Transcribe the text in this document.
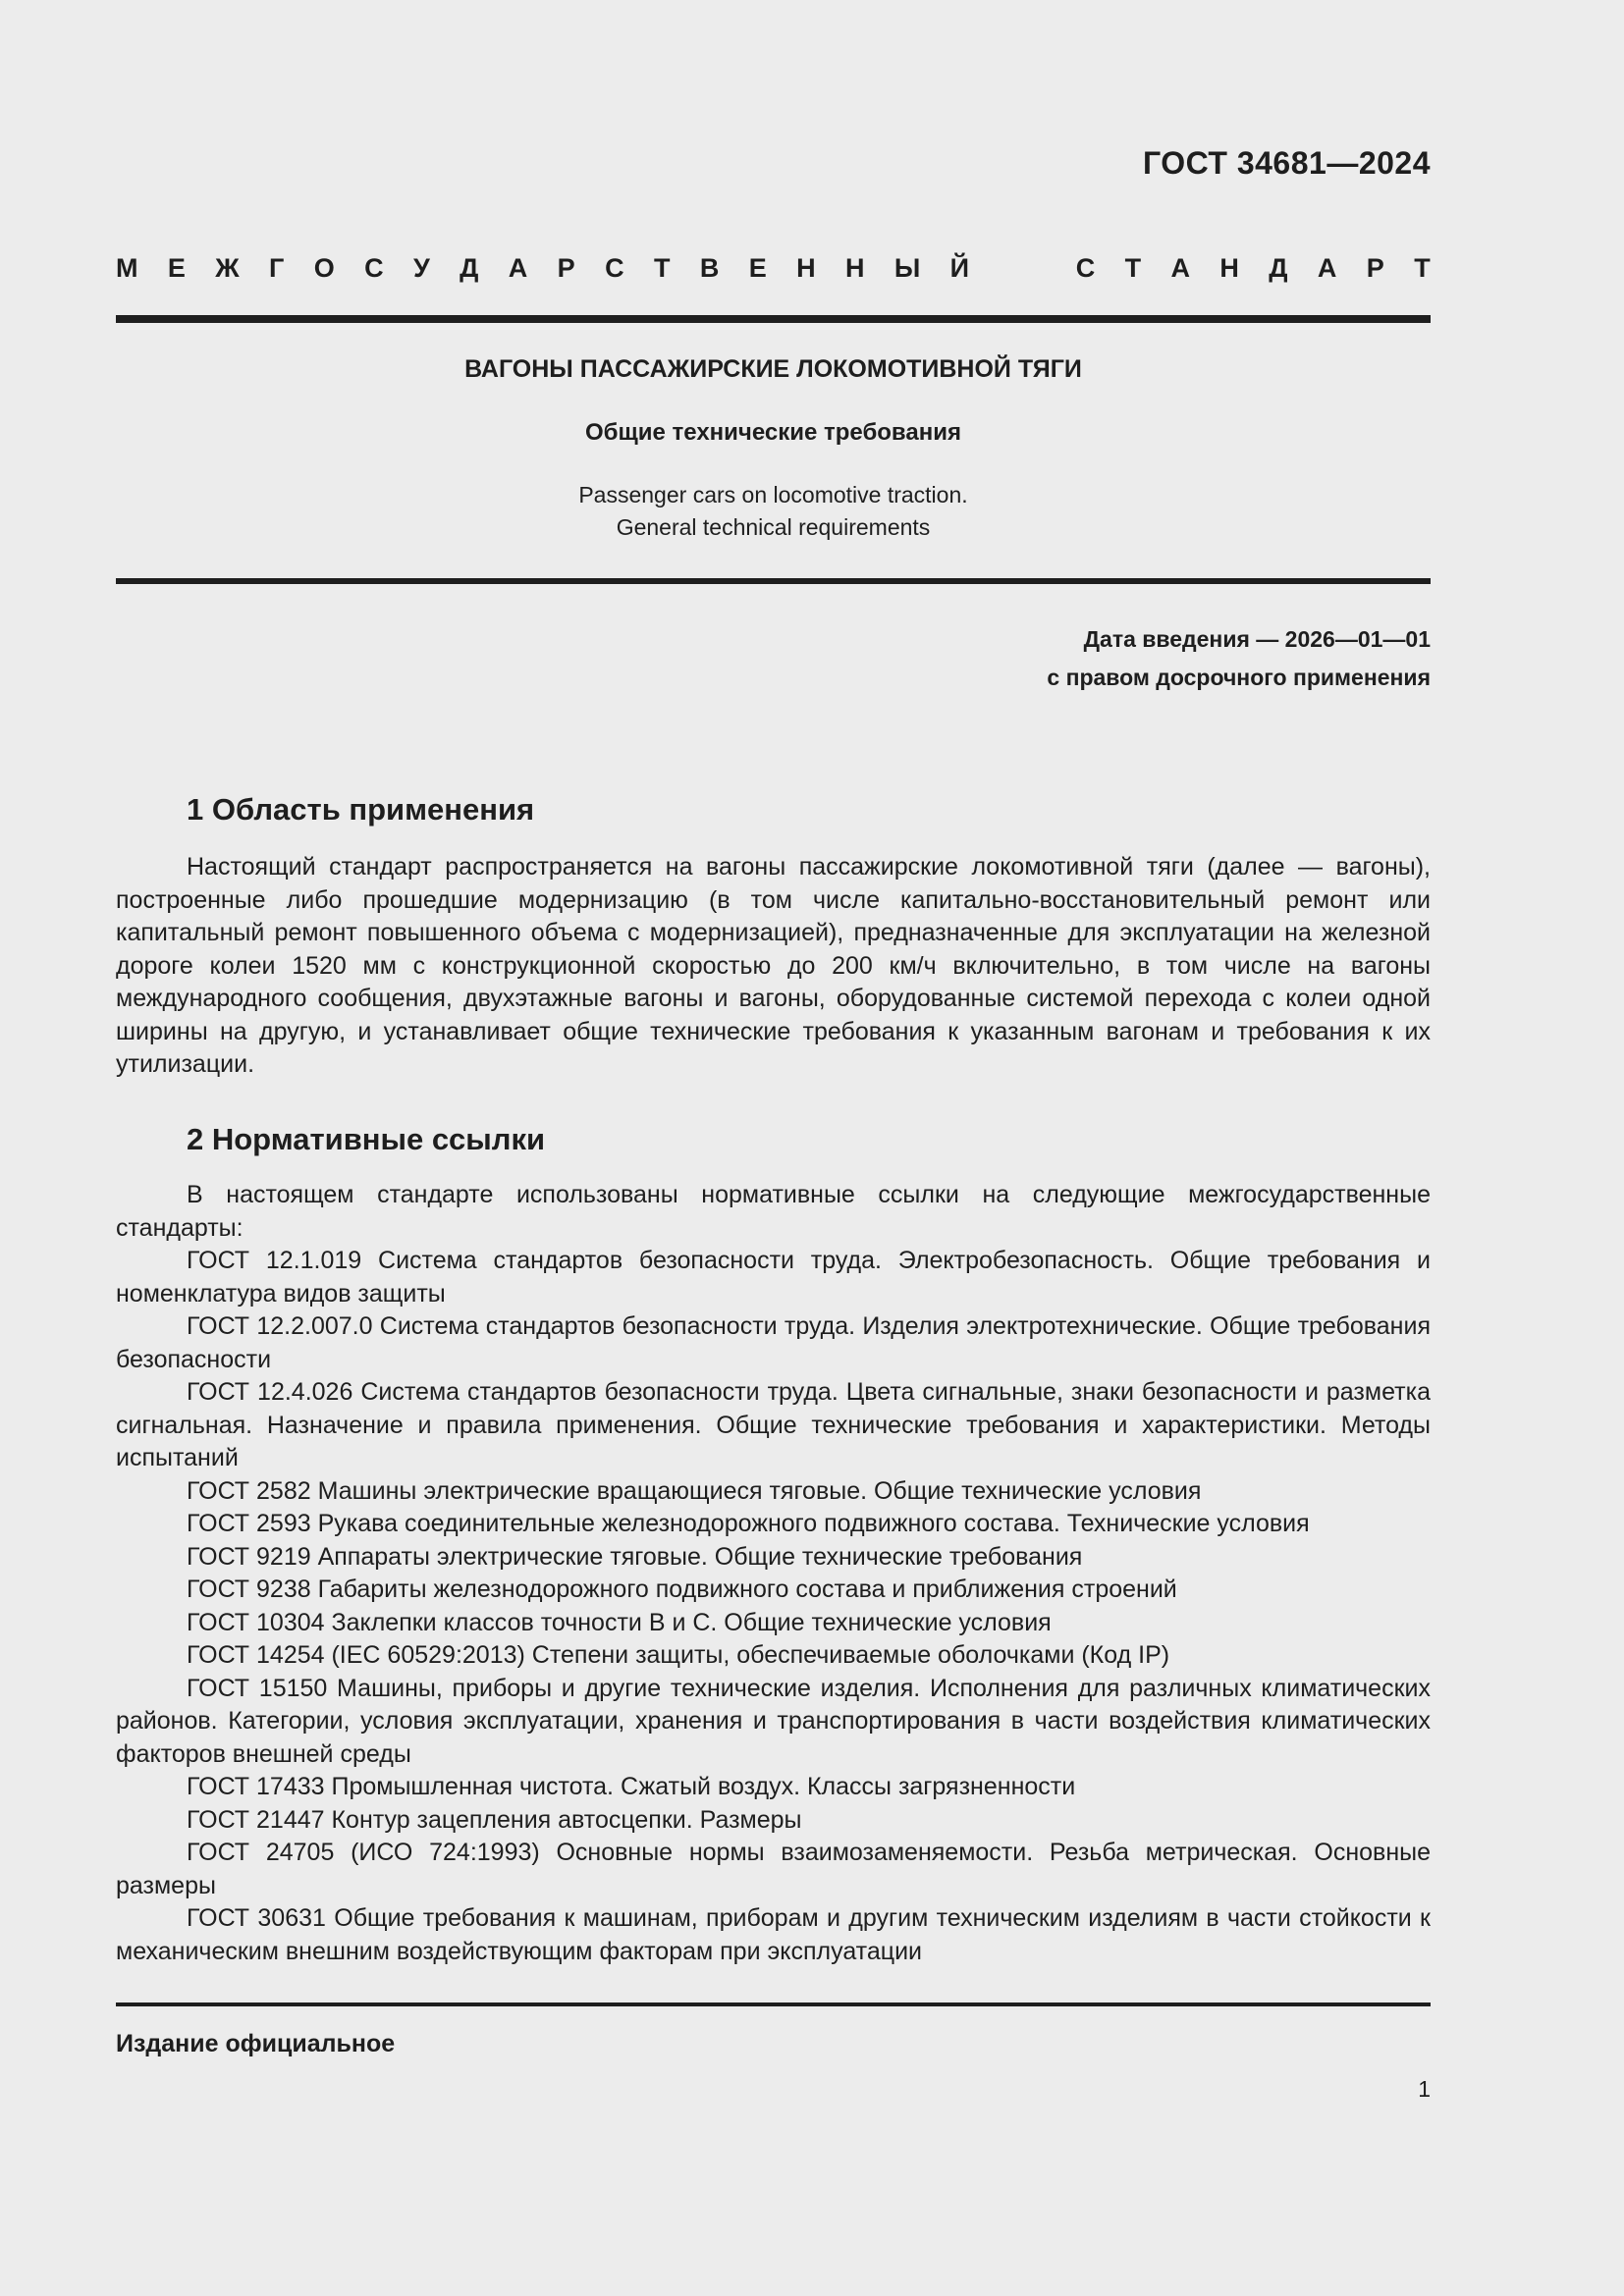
ГОСТ 34681—2024
М Е Ж Г О С У Д А Р С Т В Е Н Н Ы Й	С Т А Н Д А Р Т
ВАГОНЫ ПАССАЖИРСКИЕ ЛОКОМОТИВНОЙ ТЯГИ
Общие технические требования
Passenger cars on locomotive traction.
General technical requirements
Дата введения — 2026—01—01
с правом досрочного применения
1 Область применения

Настоящий стандарт распространяется на вагоны пассажирские локомотивной тяги (далее — вагоны), построенные либо прошедшие модернизацию (в том числе капитально-восстановительный ремонт или капитальный ремонт повышенного объема с модернизацией), предназначенные для эксплуатации на железной дороге колеи 1520 мм с конструкционной скоростью до 200 км/ч включительно, в том числе на вагоны международного сообщения, двухэтажные вагоны и вагоны, оборудованные системой перехода с колеи одной ширины на другую, и устанавливает общие технические требования к указанным вагонам и требования к их утилизации.

2 Нормативные ссылки

В настоящем стандарте использованы нормативные ссылки на следующие межгосударственные стандарты:

ГОСТ 12.1.019 Система стандартов безопасности труда. Электробезопасность. Общие требования и номенклатура видов защиты

ГОСТ 12.2.007.0 Система стандартов безопасности труда. Изделия электротехнические. Общие требования безопасности

ГОСТ 12.4.026 Система стандартов безопасности труда. Цвета сигнальные, знаки безопасности и разметка сигнальная. Назначение и правила применения. Общие технические требования и характеристики. Методы испытаний

ГОСТ 2582 Машины электрические вращающиеся тяговые. Общие технические условия

ГОСТ 2593 Рукава соединительные железнодорожного подвижного состава. Технические условия

ГОСТ 9219 Аппараты электрические тяговые. Общие технические требования

ГОСТ 9238 Габариты железнодорожного подвижного состава и приближения строений

ГОСТ 10304 Заклепки классов точности В и С. Общие технические условия

ГОСТ 14254 (IEC 60529:2013) Степени защиты, обеспечиваемые оболочками (Код IP)

ГОСТ 15150 Машины, приборы и другие технические изделия. Исполнения для различных климатических районов. Категории, условия эксплуатации, хранения и транспортирования в части воздействия климатических факторов внешней среды

ГОСТ 17433 Промышленная чистота. Сжатый воздух. Классы загрязненности

ГОСТ 21447 Контур зацепления автосцепки. Размеры

ГОСТ 24705 (ИСО 724:1993) Основные нормы взаимозаменяемости. Резьба метрическая. Основные размеры

ГОСТ 30631 Общие требования к машинам, приборам и другим техническим изделиям в части стойкости к механическим внешним воздействующим факторам при эксплуатации

Издание официальное
1
